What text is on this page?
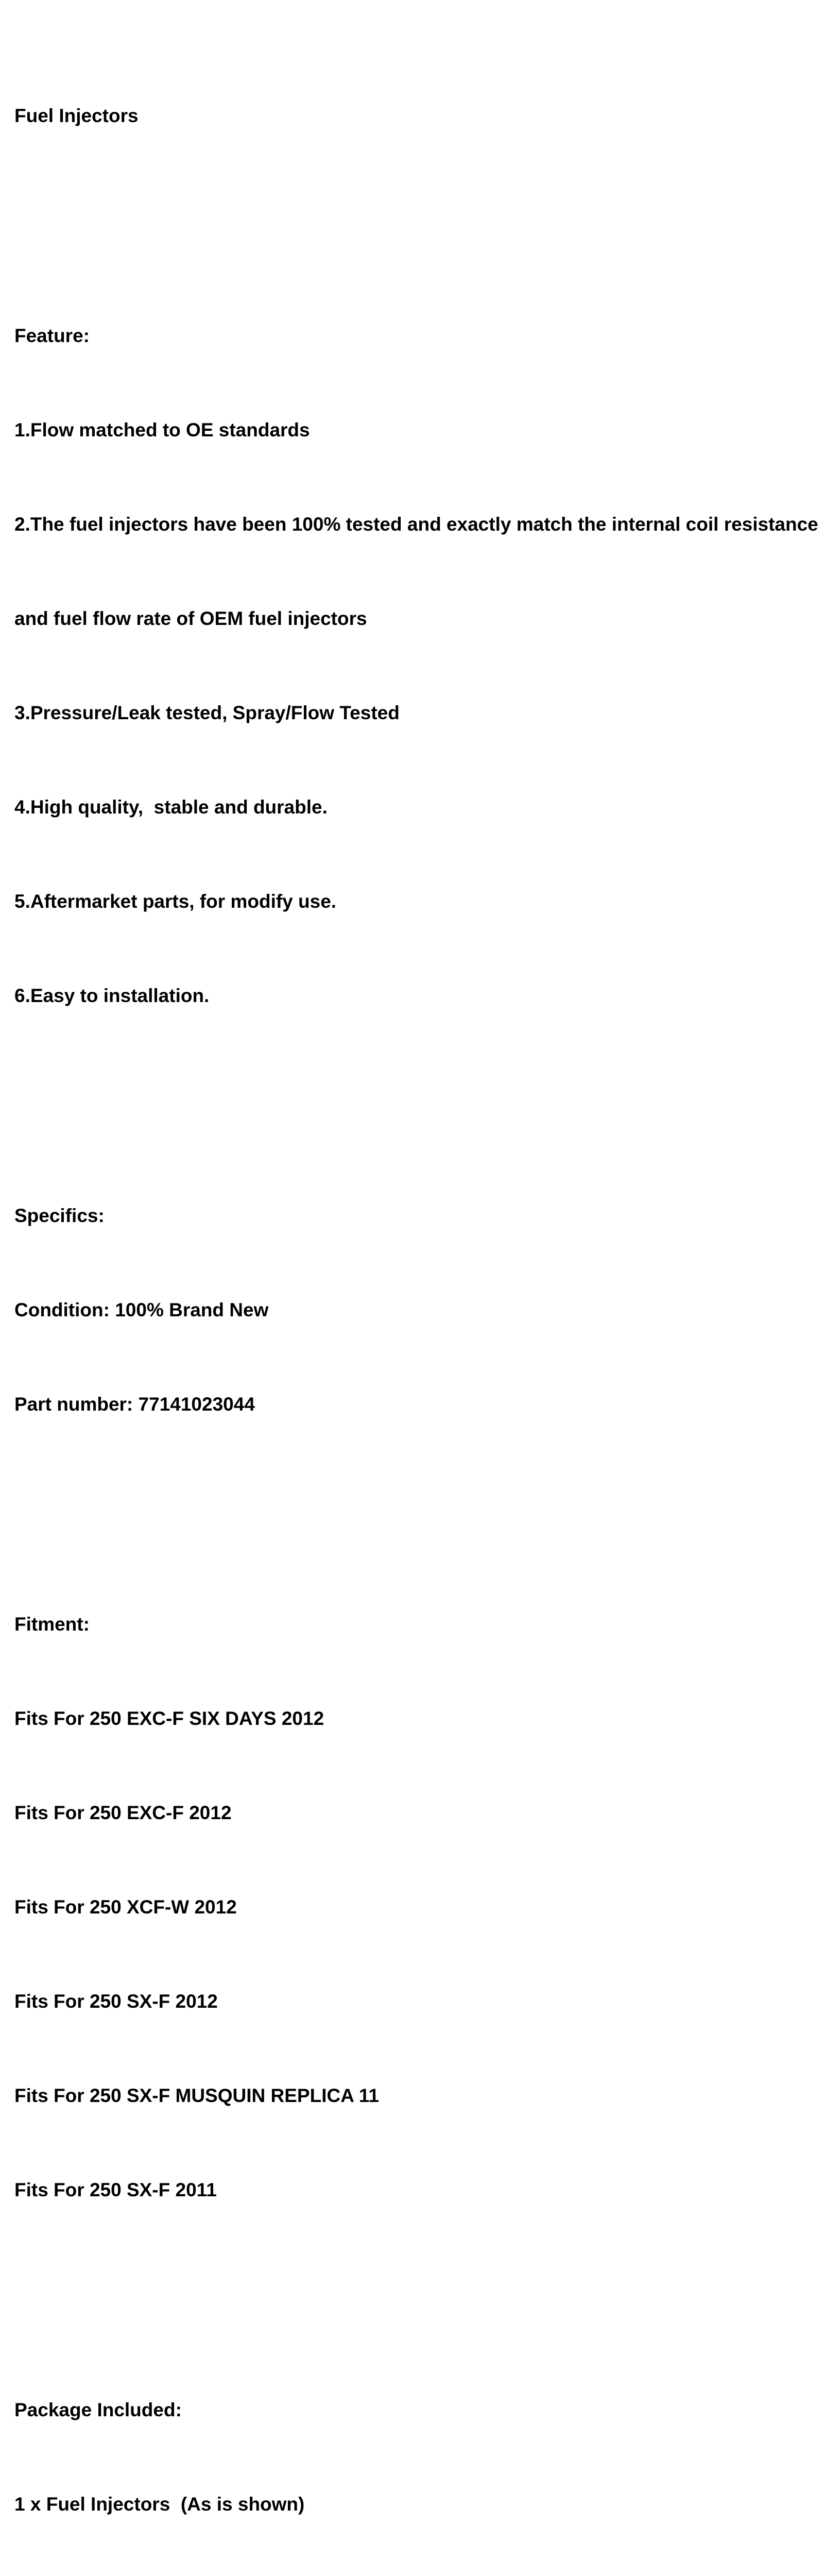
Fuel Injectors

Feature:

1.Flow matched to OE standards

2.The fuel injectors have been 100% tested and exactly match the internal coil resistance

and fuel flow rate of OEM fuel injectors

3.Pressure/Leak tested, Spray/Flow Tested

4.High quality,  stable and durable.

5.Aftermarket parts, for modify use.

6.Easy to installation.

Specifics:

Condition: 100% Brand New

Part number: 77141023044

Fitment:

Fits For 250 EXC-F SIX DAYS 2012

Fits For 250 EXC-F 2012

Fits For 250 XCF-W 2012

Fits For 250 SX-F 2012

Fits For 250 SX-F MUSQUIN REPLICA 11

Fits For 250 SX-F 2011

Package Included:

1 x Fuel Injectors  (As is shown)
